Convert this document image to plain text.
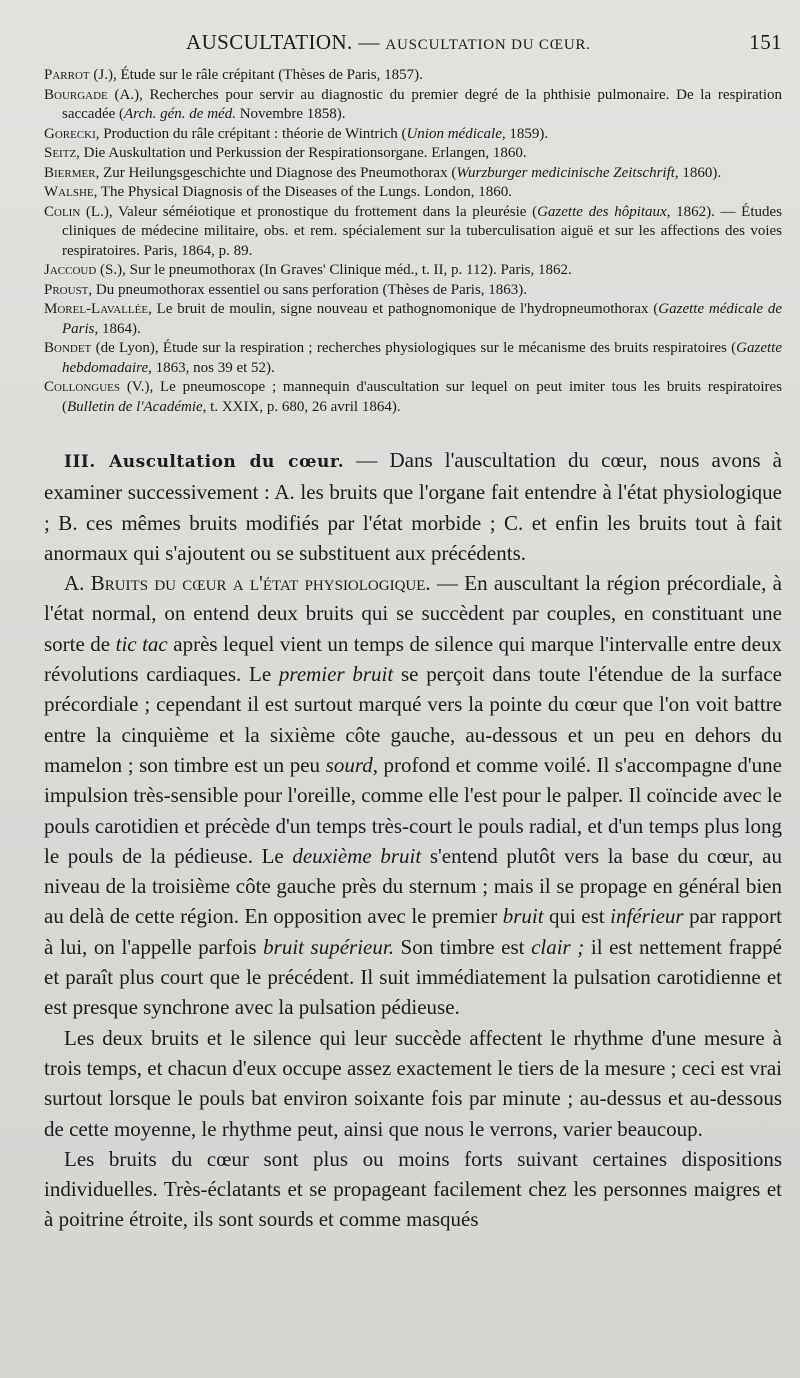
AUSCULTATION. — AUSCULTATION DU CŒUR.	151

Parrot (J.), Étude sur le râle crépitant (Thèses de Paris, 1857).

Bourgade (A.), Recherches pour servir au diagnostic du premier degré de la phthisie pulmonaire. De la respiration saccadée (Arch. gén. de méd. Novembre 1858).

Gorecki, Production du râle crépitant : théorie de Wintrich (Union médicale, 1859).

Seitz, Die Auskultation und Perkussion der Respirationsorgane. Erlangen, 1860.

Biermer, Zur Heilungsgeschichte und Diagnose des Pneumothorax (Wurzburger medicinische Zeitschrift, 1860).

Walshe, The Physical Diagnosis of the Diseases of the Lungs. London, 1860.

Colin (L.), Valeur séméiotique et pronostique du frottement dans la pleurésie (Gazette des hôpitaux, 1862). — Études cliniques de médecine militaire, obs. et rem. spécialement sur la tuberculisation aiguë et sur les affections des voies respiratoires. Paris, 1864, p. 89.

Jaccoud (S.), Sur le pneumothorax (In Graves' Clinique méd., t. II, p. 112). Paris, 1862.

Proust, Du pneumothorax essentiel ou sans perforation (Thèses de Paris, 1863).

Morel-Lavallée, Le bruit de moulin, signe nouveau et pathognomonique de l'hydropneumothorax (Gazette médicale de Paris, 1864).

Bondet (de Lyon), Étude sur la respiration ; recherches physiologiques sur le mécanisme des bruits respiratoires (Gazette hebdomadaire, 1863, nos 39 et 52).

Collongues (V.), Le pneumoscope ; mannequin d'auscultation sur lequel on peut imiter tous les bruits respiratoires (Bulletin de l'Académie, t. XXIX, p. 680, 26 avril 1864).

III. Auscultation du cœur. — Dans l'auscultation du cœur, nous avons à examiner successivement : A. les bruits que l'organe fait entendre à l'état physiologique ; B. ces mêmes bruits modifiés par l'état morbide ; C. et enfin les bruits tout à fait anormaux qui s'ajoutent ou se substituent aux précédents.

A. Bruits du cœur a l'état physiologique. — En auscultant la région précordiale, à l'état normal, on entend deux bruits qui se succèdent par couples, en constituant une sorte de tic tac après lequel vient un temps de silence qui marque l'intervalle entre deux révolutions cardiaques. Le premier bruit se perçoit dans toute l'étendue de la surface précordiale ; cependant il est surtout marqué vers la pointe du cœur que l'on voit battre entre la cinquième et la sixième côte gauche, au-dessous et un peu en dehors du mamelon ; son timbre est un peu sourd, profond et comme voilé. Il s'accompagne d'une impulsion très-sensible pour l'oreille, comme elle l'est pour le palper. Il coïncide avec le pouls carotidien et précède d'un temps très-court le pouls radial, et d'un temps plus long le pouls de la pédieuse. Le deuxième bruit s'entend plutôt vers la base du cœur, au niveau de la troisième côte gauche près du sternum ; mais il se propage en général bien au delà de cette région. En opposition avec le premier bruit qui est inférieur par rapport à lui, on l'appelle parfois bruit supérieur. Son timbre est clair ; il est nettement frappé et paraît plus court que le précédent. Il suit immédiatement la pulsation carotidienne et est presque synchrone avec la pulsation pédieuse.

Les deux bruits et le silence qui leur succède affectent le rhythme d'une mesure à trois temps, et chacun d'eux occupe assez exactement le tiers de la mesure ; ceci est vrai surtout lorsque le pouls bat environ soixante fois par minute ; au-dessus et au-dessous de cette moyenne, le rhythme peut, ainsi que nous le verrons, varier beaucoup.

Les bruits du cœur sont plus ou moins forts suivant certaines dispositions individuelles. Très-éclatants et se propageant facilement chez les personnes maigres et à poitrine étroite, ils sont sourds et comme masqués
